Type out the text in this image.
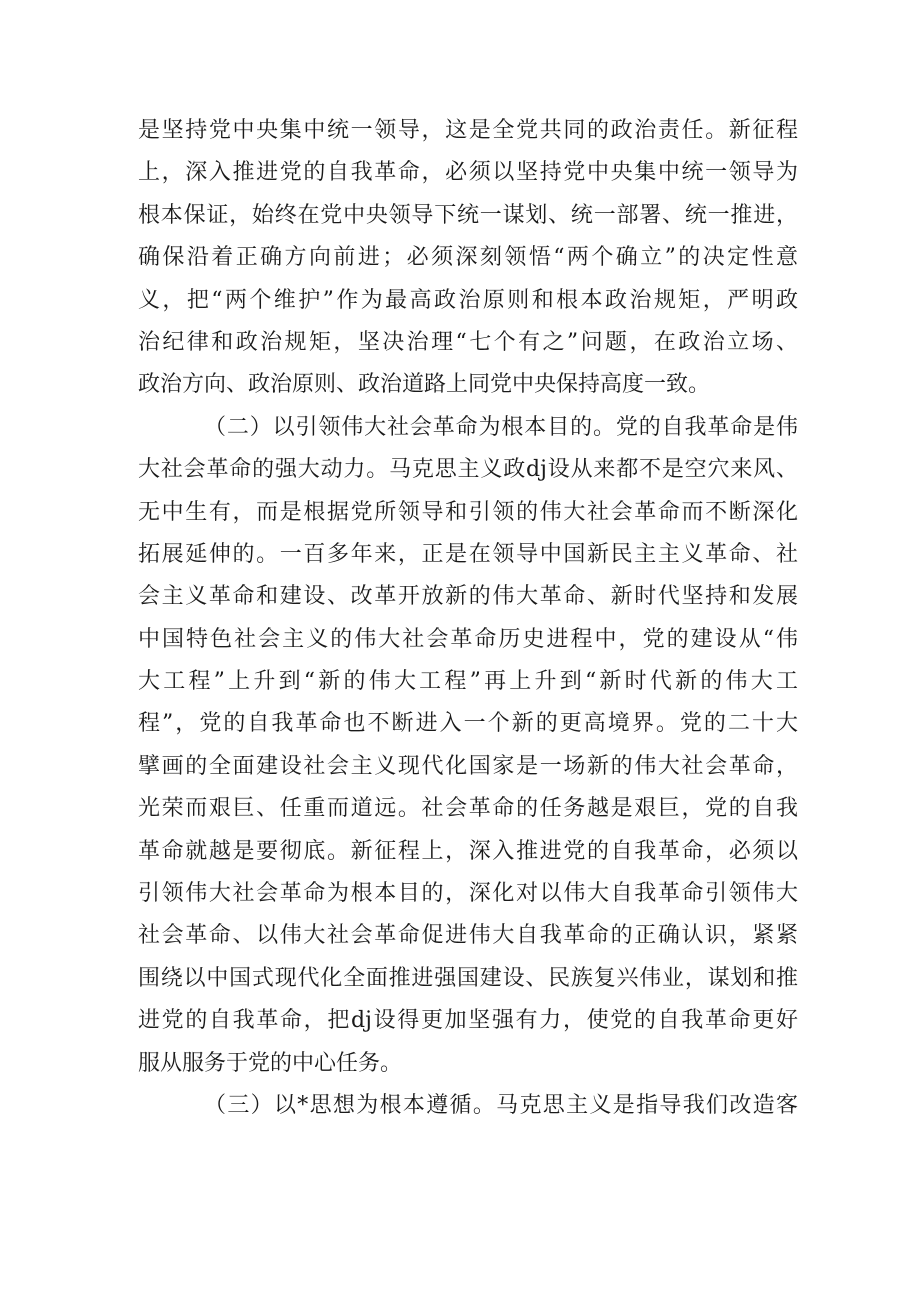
是坚持党中央集中统一领导，这是全党共同的政治责任。新征程
上，深入推进党的自我革命，必须以坚持党中央集中统一领导为
根本保证，始终在党中央领导下统一谋划、统一部署、统一推进，
确保沿着正确方向前进；必须深刻领悟“两个确立”的决定性意
义，把“两个维护”作为最高政治原则和根本政治规矩，严明政
治纪律和政治规矩，坚决治理“七个有之”问题，在政治立场、
政治方向、政治原则、政治道路上同党中央保持高度一致。
（二）以引领伟大社会革命为根本目的。党的自我革命是伟
大社会革命的强大动力。马克思主义政dj设从来都不是空穴来风、
无中生有，而是根据党所领导和引领的伟大社会革命而不断深化
拓展延伸的。一百多年来，正是在领导中国新民主主义革命、社
会主义革命和建设、改革开放新的伟大革命、新时代坚持和发展
中国特色社会主义的伟大社会革命历史进程中，党的建设从“伟
大工程”上升到“新的伟大工程”再上升到“新时代新的伟大工
程”，党的自我革命也不断进入一个新的更高境界。党的二十大
擘画的全面建设社会主义现代化国家是一场新的伟大社会革命，
光荣而艰巨、任重而道远。社会革命的任务越是艰巨，党的自我
革命就越是要彻底。新征程上，深入推进党的自我革命，必须以
引领伟大社会革命为根本目的，深化对以伟大自我革命引领伟大
社会革命、以伟大社会革命促进伟大自我革命的正确认识，紧紧
围绕以中国式现代化全面推进强国建设、民族复兴伟业，谋划和推
进党的自我革命，把dj设得更加坚强有力，使党的自我革命更好
服从服务于党的中心任务。
（三）以*思想为根本遵循。马克思主义是指导我们改造客
